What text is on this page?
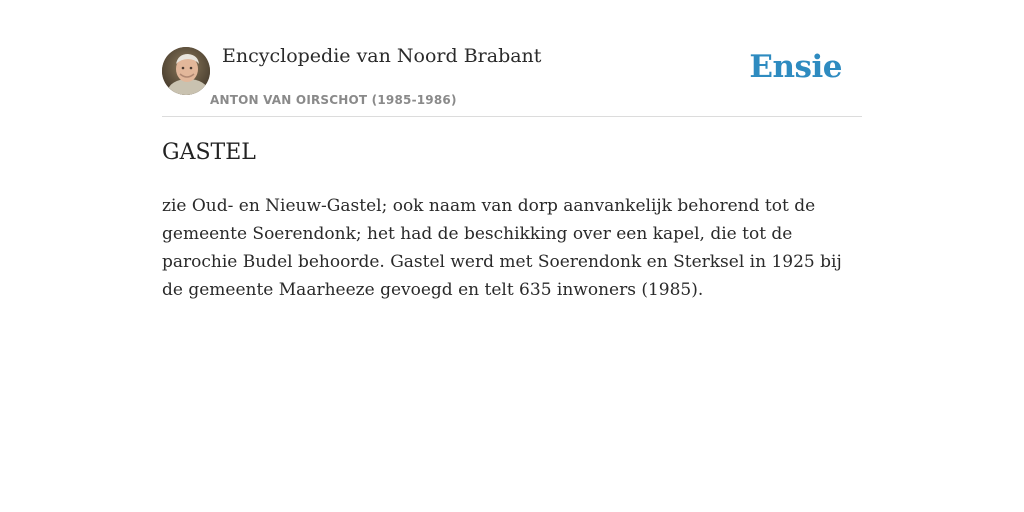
Encyclopedie van Noord Brabant
ANTON VAN OIRSCHOT (1985-1986)
Ensie
GASTEL

zie Oud- en Nieuw-Gastel; ook naam van dorp aanvankelijk behorend tot de gemeente Soerendonk; het had de beschikking over een kapel, die tot de parochie Budel behoorde. Gastel werd met Soerendonk en Sterksel in 1925 bij de gemeente Maarheeze gevoegd en telt 635 inwoners (1985).
